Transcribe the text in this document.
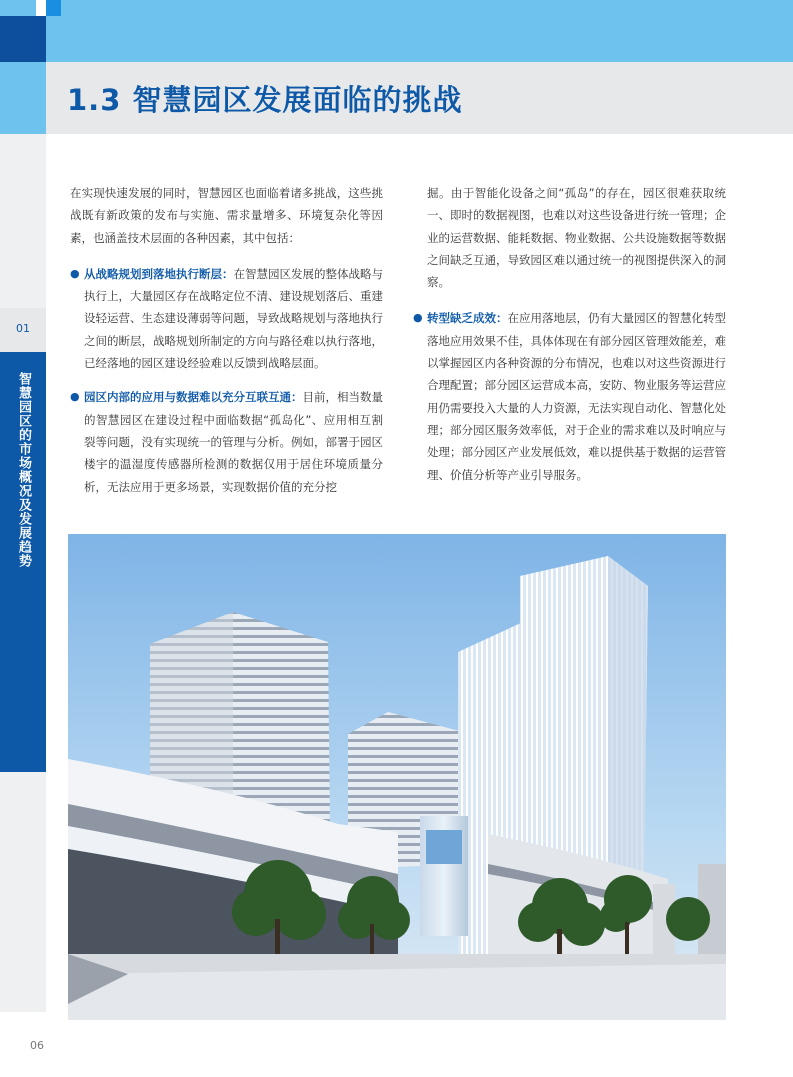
1.3 智慧园区发展面临的挑战
01
智慧园区的市场概况及发展趋势

在实现快速发展的同时，智慧园区也面临着诸多挑战，这些挑战既有新政策的发布与实施、需求量增多、环境复杂化等因素，也涵盖技术层面的各种因素，其中包括：

● 从战略规划到落地执行断层：在智慧园区发展的整体战略与执行上，大量园区存在战略定位不清、建设规划落后、重建设轻运营、生态建设薄弱等问题，导致战略规划与落地执行之间的断层，战略规划所制定的方向与路径难以执行落地，已经落地的园区建设经验难以反馈到战略层面。
● 园区内部的应用与数据难以充分互联互通：目前，相当数量的智慧园区在建设过程中面临数据“孤岛化”、应用相互割裂等问题，没有实现统一的管理与分析。例如，部署于园区楼宇的温湿度传感器所检测的数据仅用于居住环境质量分析，无法应用于更多场景，实现数据价值的充分挖

掘。由于智能化设备之间“孤岛”的存在，园区很难获取统一、即时的数据视图，也难以对这些设备进行统一管理；企业的运营数据、能耗数据、物业数据、公共设施数据等数据之间缺乏互通，导致园区难以通过统一的视图提供深入的洞察。

● 转型缺乏成效：在应用落地层，仍有大量园区的智慧化转型落地应用效果不佳，具体体现在有部分园区管理效能差，难以掌握园区内各种资源的分布情况，也难以对这些资源进行合理配置；部分园区运营成本高，安防、物业服务等运营应用仍需要投入大量的人力资源，无法实现自动化、智慧化处理；部分园区服务效率低，对于企业的需求难以及时响应与处理；部分园区产业发展低效，难以提供基于数据的运营管理、价值分析等产业引导服务。
06
